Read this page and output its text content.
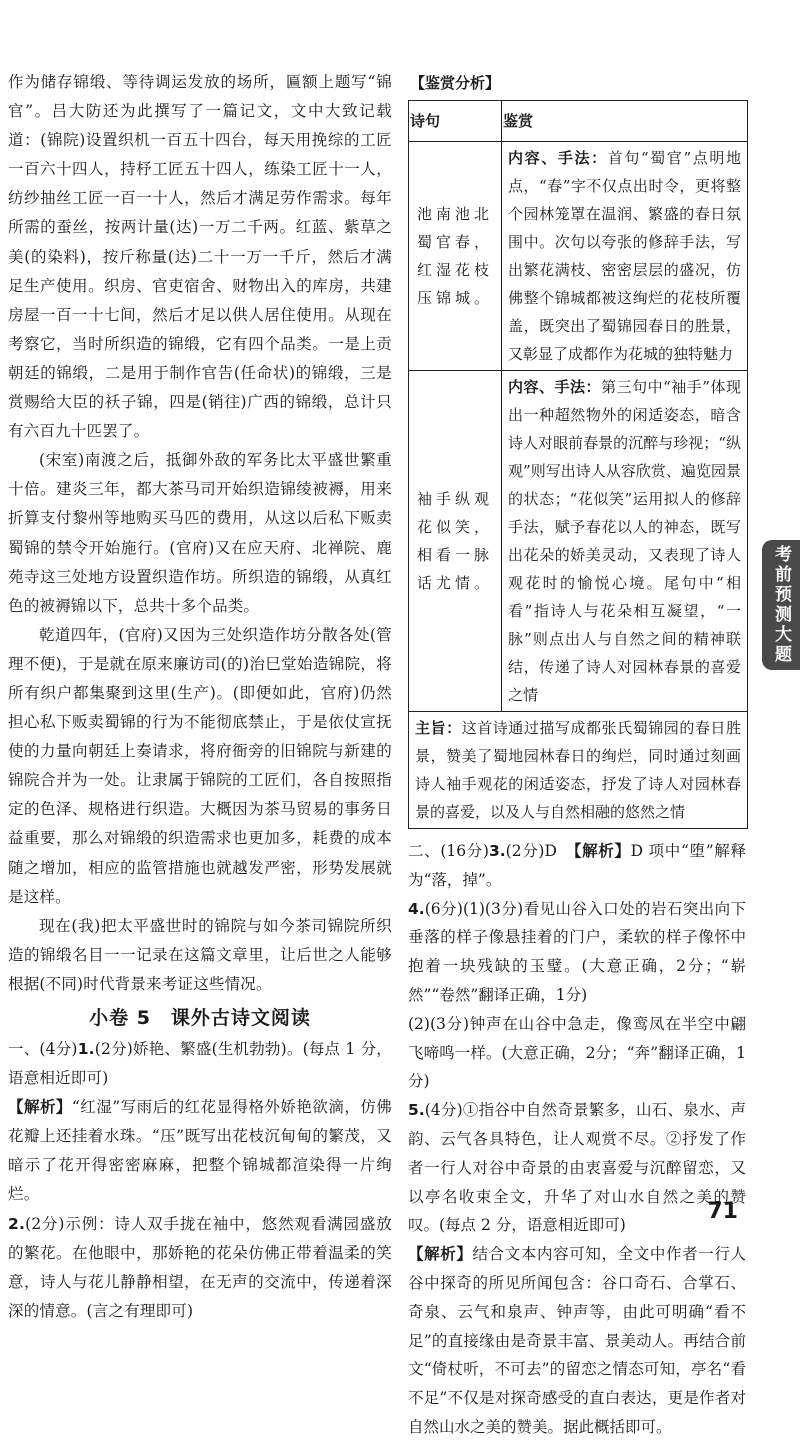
作为储存锦缎、等待调运发放的场所，匾额上题写“锦官”。吕大防还为此撰写了一篇记文，文中大致记载道：(锦院)设置织机一百五十四台，每天用挽综的工匠一百六十四人，持杼工匠五十四人，练染工匠十一人，纺纱抽丝工匠一百一十人，然后才满足劳作需求。每年所需的蚕丝，按两计量(达)一万二千两。红蓝、紫草之美(的染料)，按斤称量(达)二十一万一千斤，然后才满足生产使用。织房、官吏宿舍、财物出入的库房，共建房屋一百一十七间，然后才足以供人居住使用。从现在考察它，当时所织造的锦缎，它有四个品类。一是上贡朝廷的锦缎，二是用于制作官告(任命状)的锦缎，三是赏赐给大臣的袄子锦，四是(销往)广西的锦缎，总计只有六百九十匹罢了。

(宋室)南渡之后，抵御外敌的军务比太平盛世繁重十倍。建炎三年，都大茶马司开始织造锦绫被褥，用来折算支付黎州等地购买马匹的费用，从这以后私下贩卖蜀锦的禁令开始施行。(官府)又在应天府、北禅院、鹿苑寺这三处地方设置织造作坊。所织造的锦缎，从真红色的被褥锦以下，总共十多个品类。

乾道四年，(官府)又因为三处织造作坊分散各处(管理不便)，于是就在原来廉访司(的)治巳堂始造锦院，将所有织户都集聚到这里(生产)。(即便如此，官府)仍然担心私下贩卖蜀锦的行为不能彻底禁止，于是依仗宣抚使的力量向朝廷上奏请求，将府衙旁的旧锦院与新建的锦院合并为一处。让隶属于锦院的工匠们，各自按照指定的色泽、规格进行织造。大概因为茶马贸易的事务日益重要，那么对锦缎的织造需求也更加多，耗费的成本随之增加，相应的监管措施也就越发严密，形势发展就是这样。

现在(我)把太平盛世时的锦院与如今茶司锦院所织造的锦缎名目一一记录在这篇文章里，让后世之人能够根据(不同)时代背景来考证这些情况。

小卷 5　课外古诗文阅读

一、(4分)1.(2分)娇艳、繁盛(生机勃勃)。(每点 1 分，语意相近即可)

【解析】“红湿”写雨后的红花显得格外娇艳欲滴，仿佛花瓣上还挂着水珠。“压”既写出花枝沉甸甸的繁茂，又暗示了花开得密密麻麻，把整个锦城都渲染得一片绚烂。

2.(2分)示例：诗人双手拢在袖中，悠然观看满园盛放的繁花。在他眼中，那娇艳的花朵仿佛正带着温柔的笑意，诗人与花儿静静相望，在无声的交流中，传递着深深的情意。(言之有理即可)

【鉴赏分析】
诗句	鉴赏
池南池北蜀官春，红湿花枝压锦城。	内容、手法：首句“蜀官”点明地点，“春”字不仅点出时令，更将整个园林笼罩在温润、繁盛的春日氛围中。次句以夸张的修辞手法，写出繁花满枝、密密层层的盛况，仿佛整个锦城都被这绚烂的花枝所覆盖，既突出了蜀锦园春日的胜景，又彰显了成都作为花城的独特魅力
袖手纵观花似笑，相看一脉话尤情。	内容、手法：第三句中“袖手”体现出一种超然物外的闲适姿态，暗含诗人对眼前春景的沉醉与珍视；“纵观”则写出诗人从容欣赏、遍览园景的状态；“花似笑”运用拟人的修辞手法，赋予春花以人的神态，既写出花朵的娇美灵动，又表现了诗人观花时的愉悦心境。尾句中“相看”指诗人与花朵相互凝望，“一脉”则点出人与自然之间的精神联结，传递了诗人对园林春景的喜爱之情
主旨：这首诗通过描写成都张氏蜀锦园的春日胜景，赞美了蜀地园林春日的绚烂，同时通过刻画诗人袖手观花的闲适姿态，抒发了诗人对园林春景的喜爱，以及人与自然相融的悠然之情	

二、(16分)3.(2分)D　 【解析】D 项中“堕”解释为“落，掉”。

4.(6分)(1)(3分)看见山谷入口处的岩石突出向下垂落的样子像悬挂着的门户，柔软的样子像怀中抱着一块残缺的玉璧。(大意正确，2分；“崭然”“卷然”翻译正确，1分)

(2)(3分)钟声在山谷中急走，像鸾凤在半空中翩飞啼鸣一样。(大意正确，2分；“奔”翻译正确，1分)

5.(4分)①指谷中自然奇景繁多，山石、泉水、声韵、云气各具特色，让人观赏不尽。②抒发了作者一行人对谷中奇景的由衷喜爱与沉醉留恋，又以亭名收束全文，升华了对山水自然之美的赞叹。(每点 2 分，语意相近即可)

【解析】结合文本内容可知，全文中作者一行人谷中探奇的所见所闻包含：谷口奇石、合掌石、奇泉、云气和泉声、钟声等，由此可明确“看不足”的直接缘由是奇景丰富、景美动人。再结合前文“倚杖听，不可去”的留恋之情态可知，亭名“看不足”不仅是对探奇感受的直白表达，更是作者对自然山水之美的赞美。据此概括即可。

考前预测大题
71
